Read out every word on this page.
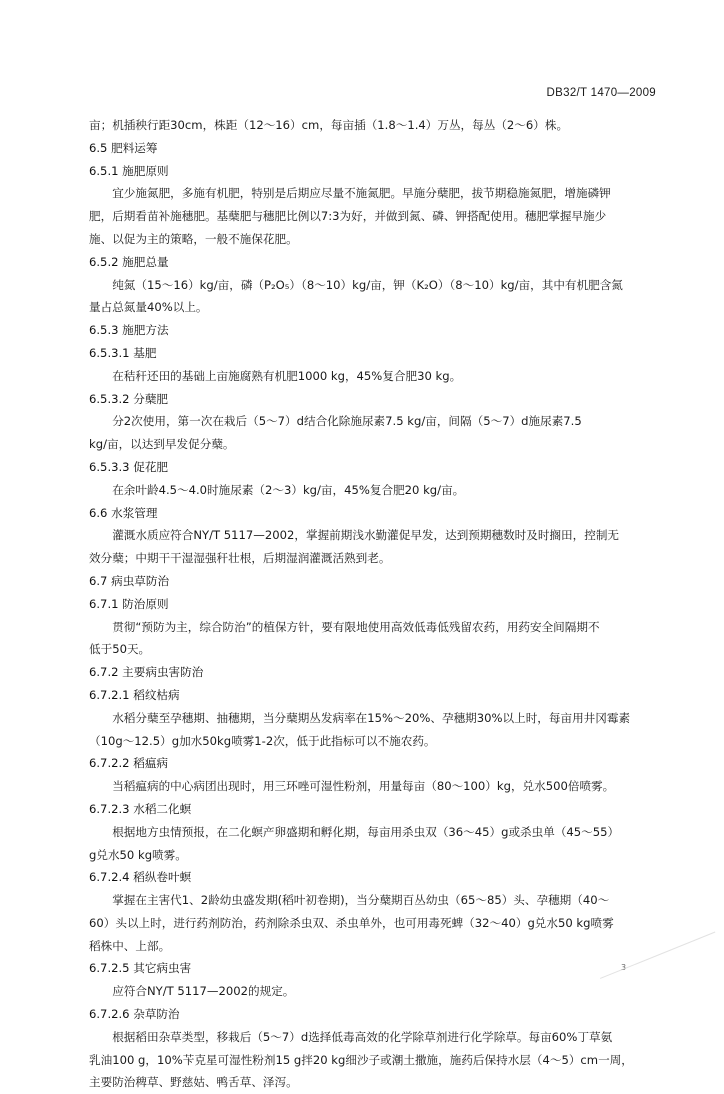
DB32/T 1470—2009
亩；机插秧行距30cm，株距（12～16）cm，每亩插（1.8～1.4）万丛，每丛（2～6）株。
6.5 肥料运筹
6.5.1 施肥原则
宜少施氮肥，多施有机肥，特别是后期应尽量不施氮肥。早施分蘖肥，拔节期稳施氮肥，增施磷钾
肥，后期看苗补施穗肥。基蘖肥与穗肥比例以7:3为好，并做到氮、磷、钾搭配使用。穗肥掌握早施少
施、以促为主的策略，一般不施保花肥。
6.5.2 施肥总量
纯氮（15～16）kg/亩，磷（P₂O₅）（8～10）kg/亩，钾（K₂O）（8～10）kg/亩，其中有机肥含氮
量占总氮量40%以上。
6.5.3 施肥方法
6.5.3.1 基肥
在秸秆还田的基础上亩施腐熟有机肥1000 kg，45%复合肥30 kg。
6.5.3.2 分蘖肥
分2次使用，第一次在栽后（5～7）d结合化除施尿素7.5 kg/亩，间隔（5～7）d施尿素7.5
kg/亩，以达到早发促分蘖。
6.5.3.3 促花肥
在余叶龄4.5～4.0时施尿素（2～3）kg/亩，45%复合肥20 kg/亩。
6.6 水浆管理
灌溉水质应符合NY/T 5117—2002，掌握前期浅水勤灌促早发，达到预期穗数时及时搁田，控制无
效分蘖；中期干干湿湿强秆壮根，后期湿润灌溉活熟到老。
6.7 病虫草防治
6.7.1 防治原则
贯彻“预防为主，综合防治”的植保方针，要有限地使用高效低毒低残留农药，用药安全间隔期不
低于50天。
6.7.2 主要病虫害防治
6.7.2.1 稻纹枯病
水稻分蘖至孕穗期、抽穗期，当分蘖期丛发病率在15%～20%、孕穗期30%以上时，每亩用井冈霉素
（10g～12.5）g加水50kg喷雾1-2次，低于此指标可以不施农药。
6.7.2.2 稻瘟病
当稻瘟病的中心病团出现时，用三环唑可湿性粉剂，用量每亩（80～100）kg，兑水500倍喷雾。
6.7.2.3 水稻二化螟
根据地方虫情预报，在二化螟产卵盛期和孵化期，每亩用杀虫双（36～45）g或杀虫单（45～55）
g兑水50 kg喷雾。
6.7.2.4 稻纵卷叶螟
掌握在主害代1、2龄幼虫盛发期(稻叶初卷期)，当分蘖期百丛幼虫（65～85）头、孕穗期（40～
60）头以上时，进行药剂防治，药剂除杀虫双、杀虫单外，也可用毒死蜱（32～40）g兑水50 kg喷雾
稻株中、上部。
6.7.2.5 其它病虫害
应符合NY/T 5117—2002的规定。
6.7.2.6 杂草防治
根据稻田杂草类型，移栽后（5～7）d选择低毒高效的化学除草剂进行化学除草。每亩60%丁草氨
乳油100 g，10%苄克星可湿性粉剂15 g拌20 kg细沙子或潮土撒施，施药后保持水层（4～5）cm一周，
主要防治稗草、野慈姑、鸭舌草、泽泻。
3
